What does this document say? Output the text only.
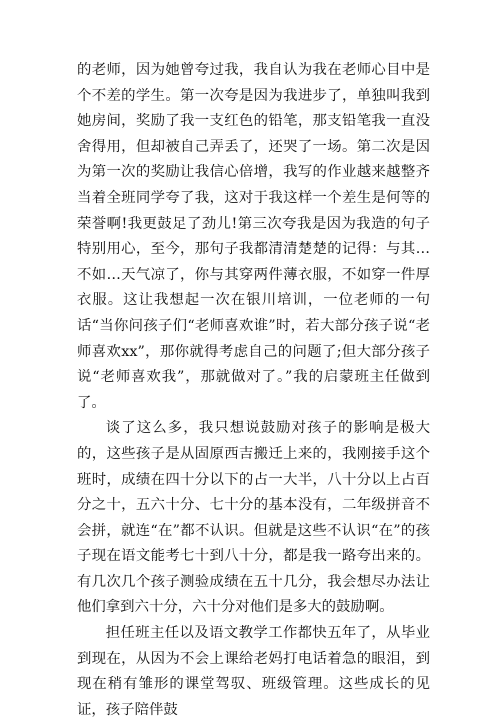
的老师，因为她曾夸过我，我自认为我在老师心目中是个不差的学生。第一次夸是因为我进步了，单独叫我到她房间，奖励了我一支红色的铅笔，那支铅笔我一直没舍得用，但却被自己弄丢了，还哭了一场。第二次是因为第一次的奖励让我信心倍增，我写的作业越来越整齐当着全班同学夸了我，这对于我这样一个差生是何等的荣誉啊!我更鼓足了劲儿!第三次夸我是因为我造的句子特别用心，至今，那句子我都清清楚楚的记得：与其…不如…天气凉了，你与其穿两件薄衣服，不如穿一件厚衣服。这让我想起一次在银川培训，一位老师的一句话“当你问孩子们“老师喜欢谁”时，若大部分孩子说“老师喜欢xx”，那你就得考虑自己的问题了;但大部分孩子说“老师喜欢我”，那就做对了。”我的启蒙班主任做到了。

谈了这么多，我只想说鼓励对孩子的影响是极大的，这些孩子是从固原西吉搬迁上来的，我刚接手这个班时，成绩在四十分以下的占一大半，八十分以上占百分之十，五六十分、七十分的基本没有，二年级拼音不会拼，就连“在”都不认识。但就是这些不认识“在”的孩子现在语文能考七十到八十分，都是我一路夸出来的。有几次几个孩子测验成绩在五十几分，我会想尽办法让他们拿到六十分，六十分对他们是多大的鼓励啊。

担任班主任以及语文教学工作都快五年了，从毕业到现在，从因为不会上课给老妈打电话着急的眼泪，到现在稍有雏形的课堂驾驭、班级管理。这些成长的见证，孩子陪伴鼓
